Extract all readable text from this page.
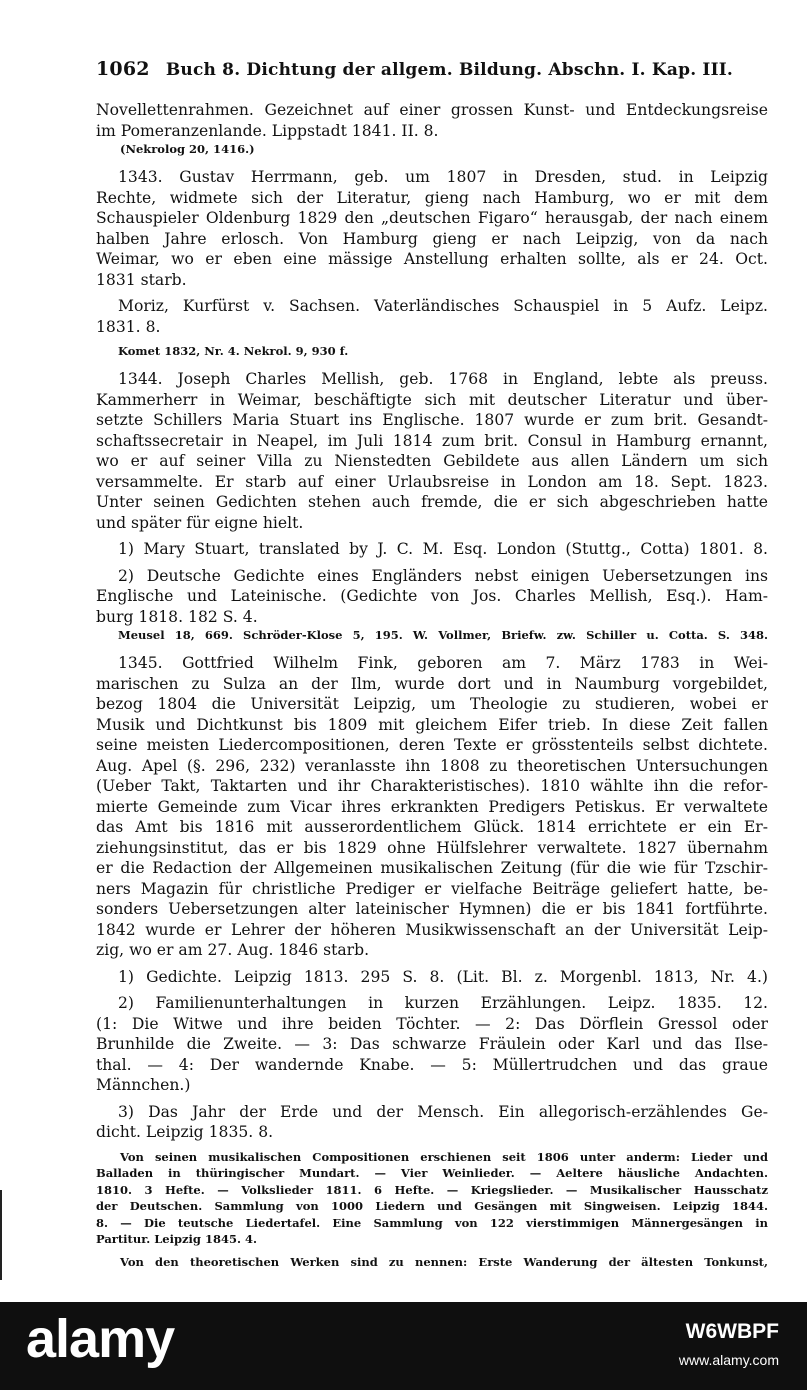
1062 Buch 8. Dichtung der allgem. Bildung. Abschn. I. Kap. III.
Novellettenrahmen. Gezeichnet auf einer grossen Kunst- und Entdeckungsreise
im Pomeranzenlande. Lippstadt 1841. II. 8.
(Nekrolog 20, 1416.)
1343. Gustav Herrmann, geb. um 1807 in Dresden, stud. in Leipzig
Rechte, widmete sich der Literatur, gieng nach Hamburg, wo er mit dem
Schauspieler Oldenburg 1829 den „deutschen Figaro“ herausgab, der nach einem
halben Jahre erlosch. Von Hamburg gieng er nach Leipzig, von da nach
Weimar, wo er eben eine mässige Anstellung erhalten sollte, als er 24. Oct.
1831 starb.
Moriz, Kurfürst v. Sachsen. Vaterländisches Schauspiel in 5 Aufz. Leipz.
1831. 8.
Komet 1832, Nr. 4. Nekrol. 9, 930 f.
1344. Joseph Charles Mellish, geb. 1768 in England, lebte als preuss.
Kammerherr in Weimar, beschäftigte sich mit deutscher Literatur und über-
setzte Schillers Maria Stuart ins Englische. 1807 wurde er zum brit. Gesandt-
schaftssecretair in Neapel, im Juli 1814 zum brit. Consul in Hamburg ernannt,
wo er auf seiner Villa zu Nienstedten Gebildete aus allen Ländern um sich
versammelte. Er starb auf einer Urlaubsreise in London am 18. Sept. 1823.
Unter seinen Gedichten stehen auch fremde, die er sich abgeschrieben hatte
und später für eigne hielt.
1) Mary Stuart, translated by J. C. M. Esq. London (Stuttg., Cotta) 1801. 8.
2) Deutsche Gedichte eines Engländers nebst einigen Uebersetzungen ins
Englische und Lateinische. (Gedichte von Jos. Charles Mellish, Esq.). Ham-
burg 1818. 182 S. 4.
Meusel 18, 669. Schröder-Klose 5, 195. W. Vollmer, Briefw. zw. Schiller u. Cotta. S. 348.
1345. Gottfried Wilhelm Fink, geboren am 7. März 1783 in Wei-
marischen zu Sulza an der Ilm, wurde dort und in Naumburg vorgebildet,
bezog 1804 die Universität Leipzig, um Theologie zu studieren, wobei er
Musik und Dichtkunst bis 1809 mit gleichem Eifer trieb. In diese Zeit fallen
seine meisten Liedercompositionen, deren Texte er grösstenteils selbst dichtete.
Aug. Apel (§. 296, 232) veranlasste ihn 1808 zu theoretischen Untersuchungen
(Ueber Takt, Taktarten und ihr Charakteristisches). 1810 wählte ihn die refor-
mierte Gemeinde zum Vicar ihres erkrankten Predigers Petiskus. Er verwaltete
das Amt bis 1816 mit ausserordentlichem Glück. 1814 errichtete er ein Er-
ziehungsinstitut, das er bis 1829 ohne Hülfslehrer verwaltete. 1827 übernahm
er die Redaction der Allgemeinen musikalischen Zeitung (für die wie für Tzschir-
ners Magazin für christliche Prediger er vielfache Beiträge geliefert hatte, be-
sonders Uebersetzungen alter lateinischer Hymnen) die er bis 1841 fortführte.
1842 wurde er Lehrer der höheren Musikwissenschaft an der Universität Leip-
zig, wo er am 27. Aug. 1846 starb.
1) Gedichte. Leipzig 1813. 295 S. 8. (Lit. Bl. z. Morgenbl. 1813, Nr. 4.)
2) Familienunterhaltungen in kurzen Erzählungen. Leipz. 1835. 12.
(1: Die Witwe und ihre beiden Töchter. — 2: Das Dörflein Gressol oder
Brunhilde die Zweite. — 3: Das schwarze Fräulein oder Karl und das Ilse-
thal. — 4: Der wandernde Knabe. — 5: Müllertrudchen und das graue
Männchen.)
3) Das Jahr der Erde und der Mensch. Ein allegorisch-erzählendes Ge-
dicht. Leipzig 1835. 8.
Von seinen musikalischen Compositionen erschienen seit 1806 unter anderm: Lieder und
Balladen in thüringischer Mundart. — Vier Weinlieder. — Aeltere häusliche Andachten.
1810. 3 Hefte. — Volkslieder 1811. 6 Hefte. — Kriegslieder. — Musikalischer Hausschatz
der Deutschen. Sammlung von 1000 Liedern und Gesängen mit Singweisen. Leipzig 1844.
8. — Die teutsche Liedertafel. Eine Sammlung von 122 vierstimmigen Männergesängen in
Partitur. Leipzig 1845. 4.
Von den theoretischen Werken sind zu nennen: Erste Wanderung der ältesten Tonkunst,
alamy	W6WBPF
www.alamy.com
